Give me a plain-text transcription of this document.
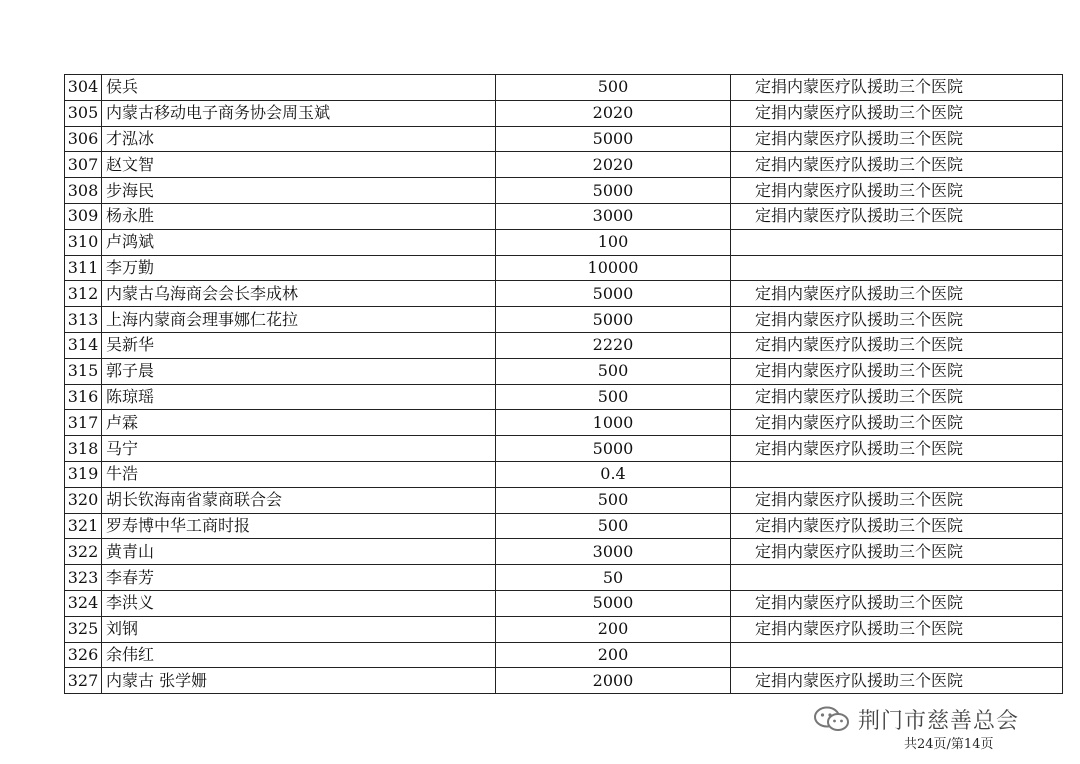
304	侯兵	500	定捐内蒙医疗队援助三个医院
305	内蒙古移动电子商务协会周玉斌	2020	定捐内蒙医疗队援助三个医院
306	才泓冰	5000	定捐内蒙医疗队援助三个医院
307	赵文智	2020	定捐内蒙医疗队援助三个医院
308	步海民	5000	定捐内蒙医疗队援助三个医院
309	杨永胜	3000	定捐内蒙医疗队援助三个医院
310	卢鸿斌	100	
311	李万勤	10000	
312	内蒙古乌海商会会长李成林	5000	定捐内蒙医疗队援助三个医院
313	上海内蒙商会理事娜仁花拉	5000	定捐内蒙医疗队援助三个医院
314	吴新华	2220	定捐内蒙医疗队援助三个医院
315	郭子晨	500	定捐内蒙医疗队援助三个医院
316	陈琼瑶	500	定捐内蒙医疗队援助三个医院
317	卢霖	1000	定捐内蒙医疗队援助三个医院
318	马宁	5000	定捐内蒙医疗队援助三个医院
319	牛浩	0.4	
320	胡长钦海南省蒙商联合会	500	定捐内蒙医疗队援助三个医院
321	罗寿博中华工商时报	500	定捐内蒙医疗队援助三个医院
322	黄青山	3000	定捐内蒙医疗队援助三个医院
323	李春芳	50	
324	李洪义	5000	定捐内蒙医疗队援助三个医院
325	刘钢	200	定捐内蒙医疗队援助三个医院
326	余伟红	200	
327	内蒙古 张学姗	2000	定捐内蒙医疗队援助三个医院
荆门市慈善总会
共24页/第14页
